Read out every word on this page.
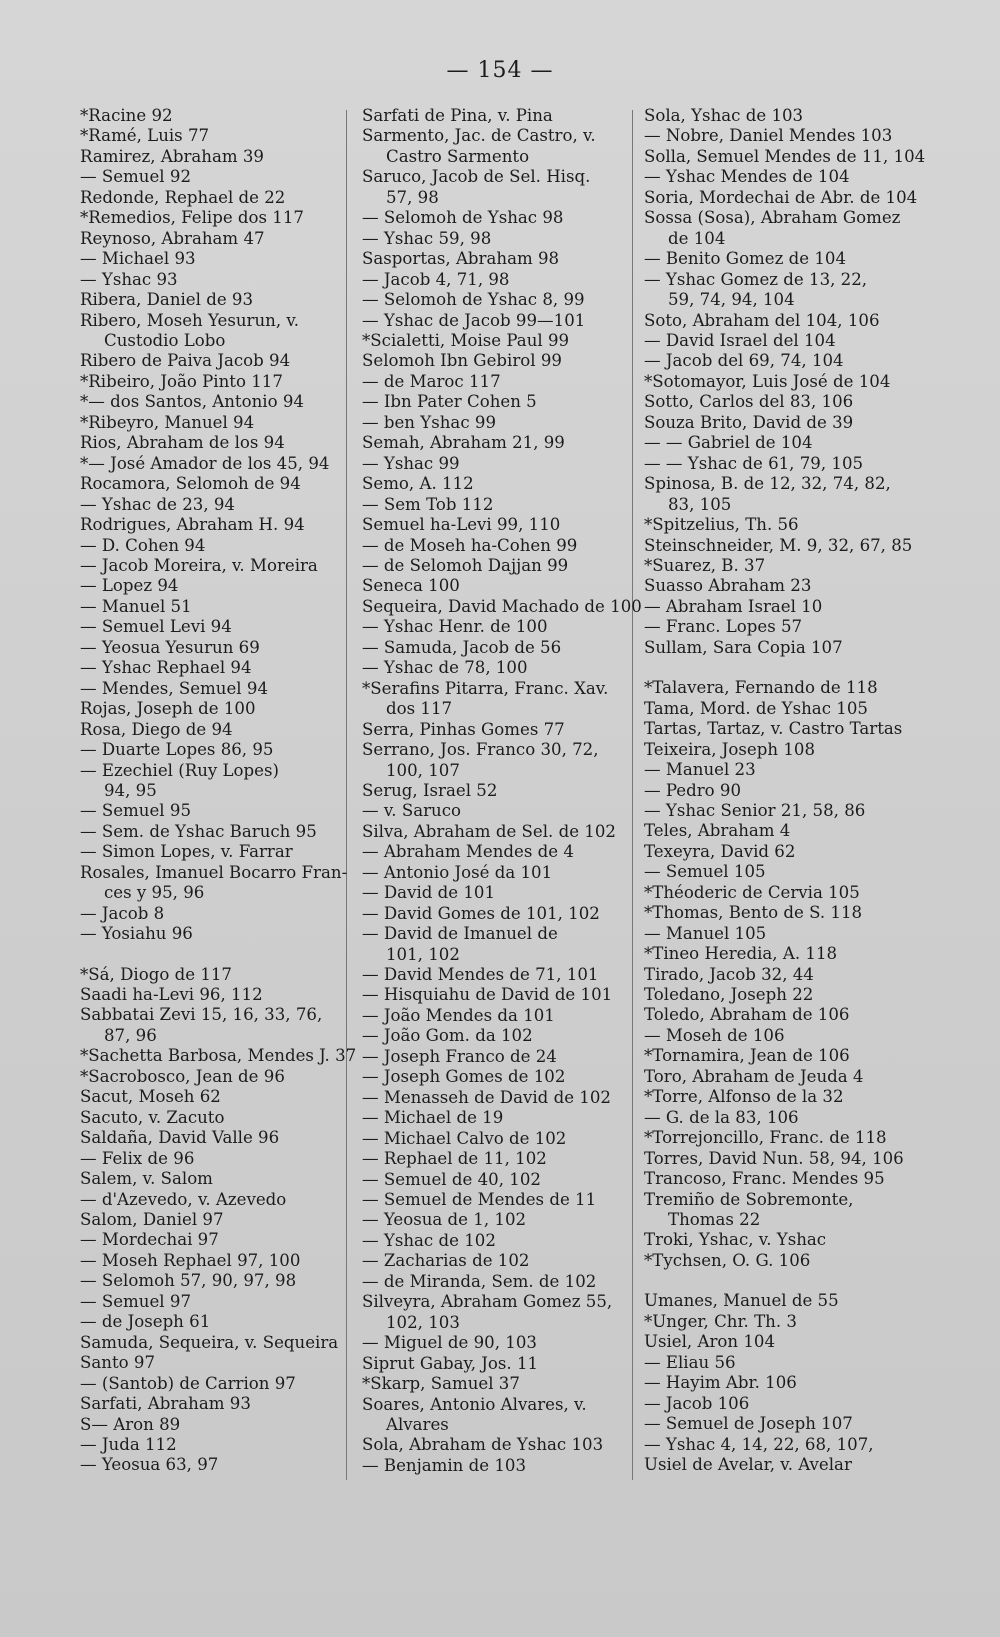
— 154 —
*Racine 92
*Ramé, Luis 77
Ramirez, Abraham 39
— Semuel 92
Redonde, Rephael de 22
*Remedios, Felipe dos 117
Reynoso, Abraham 47
— Michael 93
— Yshac 93
Ribera, Daniel de 93
Ribero, Moseh Yesurun, v.
Custodio Lobo
Ribero de Paiva Jacob 94
*Ribeiro, João Pinto 117
*— dos Santos, Antonio 94
*Ribeyro, Manuel 94
Rios, Abraham de los 94
*— José Amador de los 45, 94
Rocamora, Selomoh de 94
— Yshac de 23, 94
Rodrigues, Abraham H. 94
— D. Cohen 94
— Jacob Moreira, v. Moreira
— Lopez 94
— Manuel 51
— Semuel Levi 94
— Yeosua Yesurun 69
— Yshac Rephael 94
— Mendes, Semuel 94
Rojas, Joseph de 100
Rosa, Diego de 94
— Duarte Lopes 86, 95
— Ezechiel (Ruy Lopes)
94, 95
— Semuel 95
— Sem. de Yshac Baruch 95
— Simon Lopes, v. Farrar
Rosales, Imanuel Bocarro Fran-
ces y 95, 96
— Jacob 8
— Yosiahu 96
*Sá, Diogo de 117
Saadi ha-Levi 96, 112
Sabbatai Zevi 15, 16, 33, 76,
87, 96
*Sachetta Barbosa, Mendes J. 37
*Sacrobosco, Jean de 96
Sacut, Moseh 62
Sacuto, v. Zacuto
Saldaña, David Valle 96
— Felix de 96
Salem, v. Salom
— d'Azevedo, v. Azevedo
Salom, Daniel 97
— Mordechai 97
— Moseh Rephael 97, 100
— Selomoh 57, 90, 97, 98
— Semuel 97
— de Joseph 61
Samuda, Sequeira, v. Sequeira
Santo 97
— (Santob) de Carrion 97
Sarfati, Abraham 93
S— Aron 89
— Juda 112
— Yeosua 63, 97
Sarfati de Pina, v. Pina
Sarmento, Jac. de Castro, v.
Castro Sarmento
Saruco, Jacob de Sel. Hisq.
57, 98
— Selomoh de Yshac 98
— Yshac 59, 98
Sasportas, Abraham 98
— Jacob 4, 71, 98
— Selomoh de Yshac 8, 99
— Yshac de Jacob 99—101
*Scialetti, Moise Paul 99
Selomoh Ibn Gebirol 99
— de Maroc 117
— Ibn Pater Cohen 5
— ben Yshac 99
Semah, Abraham 21, 99
— Yshac 99
Semo, A. 112
— Sem Tob 112
Semuel ha-Levi 99, 110
— de Moseh ha-Cohen 99
— de Selomoh Dajjan 99
Seneca 100
Sequeira, David Machado de 100
— Yshac Henr. de 100
— Samuda, Jacob de 56
— Yshac de 78, 100
*Serafins Pitarra, Franc. Xav.
dos 117
Serra, Pinhas Gomes 77
Serrano, Jos. Franco 30, 72,
100, 107
Serug, Israel 52
— v. Saruco
Silva, Abraham de Sel. de 102
— Abraham Mendes de 4
— Antonio José da 101
— David de 101
— David Gomes de 101, 102
— David de Imanuel de
101, 102
— David Mendes de 71, 101
— Hisquiahu de David de 101
— João Mendes da 101
— João Gom. da 102
— Joseph Franco de 24
— Joseph Gomes de 102
— Menasseh de David de 102
— Michael de 19
— Michael Calvo de 102
— Rephael de 11, 102
— Semuel de 40, 102
— Semuel de Mendes de 11
— Yeosua de 1, 102
— Yshac de 102
— Zacharias de 102
— de Miranda, Sem. de 102
Silveyra, Abraham Gomez 55,
102, 103
— Miguel de 90, 103
Siprut Gabay, Jos. 11
*Skarp, Samuel 37
Soares, Antonio Alvares, v.
Alvares
Sola, Abraham de Yshac 103
— Benjamin de 103
Sola, Yshac de 103
— Nobre, Daniel Mendes 103
Solla, Semuel Mendes de 11, 104
— Yshac Mendes de 104
Soria, Mordechai de Abr. de 104
Sossa (Sosa), Abraham Gomez
de 104
— Benito Gomez de 104
— Yshac Gomez de 13, 22,
59, 74, 94, 104
Soto, Abraham del 104, 106
— David Israel del 104
— Jacob del 69, 74, 104
*Sotomayor, Luis José de 104
Sotto, Carlos del 83, 106
Souza Brito, David de 39
— — Gabriel de 104
— — Yshac de 61, 79, 105
Spinosa, B. de 12, 32, 74, 82,
83, 105
*Spitzelius, Th. 56
Steinschneider, M. 9, 32, 67, 85
*Suarez, B. 37
Suasso Abraham 23
— Abraham Israel 10
— Franc. Lopes 57
Sullam, Sara Copia 107
*Talavera, Fernando de 118
Tama, Mord. de Yshac 105
Tartas, Tartaz, v. Castro Tartas
Teixeira, Joseph 108
— Manuel 23
— Pedro 90
— Yshac Senior 21, 58, 86
Teles, Abraham 4
Texeyra, David 62
— Semuel 105
*Théoderic de Cervia 105
*Thomas, Bento de S. 118
— Manuel 105
*Tineo Heredia, A. 118
Tirado, Jacob 32, 44
Toledano, Joseph 22
Toledo, Abraham de 106
— Moseh de 106
*Tornamira, Jean de 106
Toro, Abraham de Jeuda 4
*Torre, Alfonso de la 32
— G. de la 83, 106
*Torrejoncillo, Franc. de 118
Torres, David Nun. 58, 94, 106
Trancoso, Franc. Mendes 95
Tremiño de Sobremonte,
Thomas 22
Troki, Yshac, v. Yshac
*Tychsen, O. G. 106
Umanes, Manuel de 55
*Unger, Chr. Th. 3
Usiel, Aron 104
— Eliau 56
— Hayim Abr. 106
— Jacob 106
— Semuel de Joseph 107
— Yshac 4, 14, 22, 68, 107,
Usiel de Avelar, v. Avelar
